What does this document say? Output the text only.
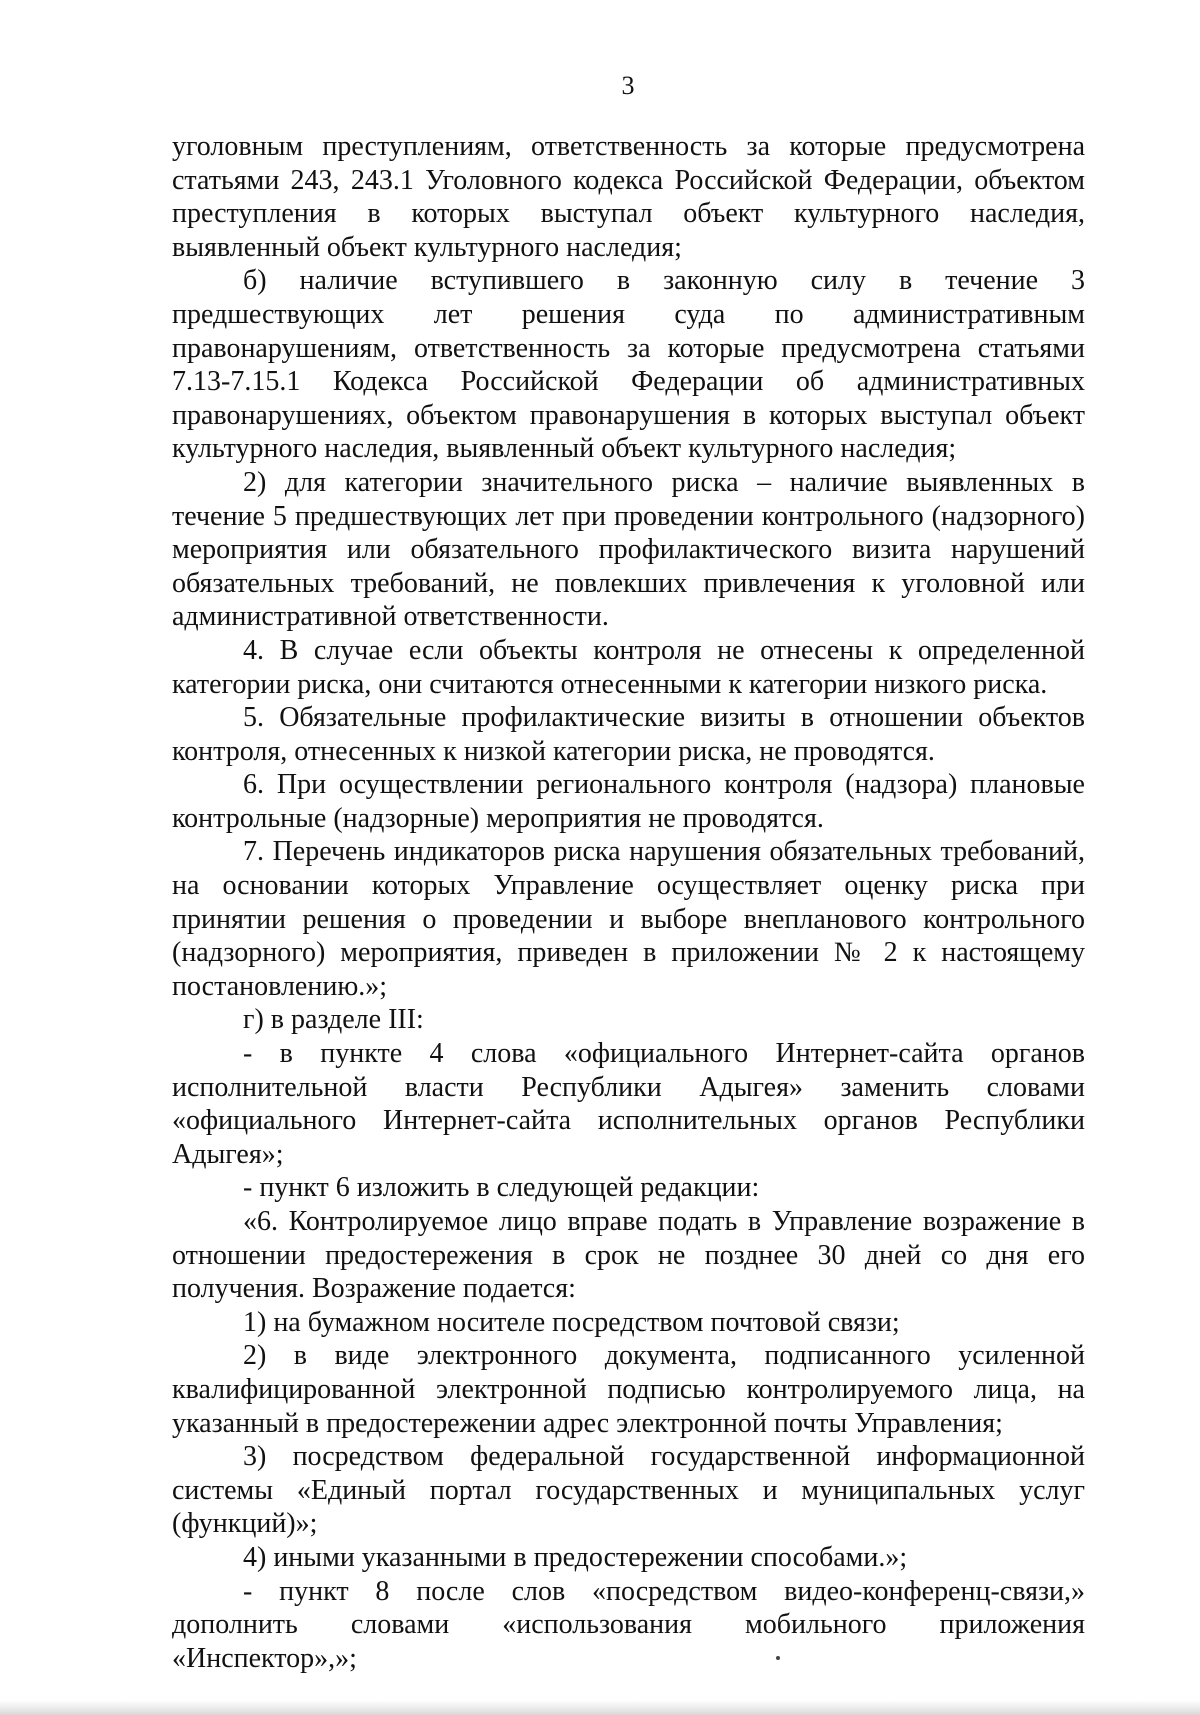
3

уголовным преступлениям, ответственность за которые предусмотрена статьями 243, 243.1 Уголовного кодекса Российской Федерации, объектом преступления в которых выступал объект культурного наследия, выявленный объект культурного наследия;

б) наличие вступившего в законную силу в течение 3 предшествующих лет решения суда по административным правонарушениям, ответственность за которые предусмотрена статьями 7.13-7.15.1 Кодекса Российской Федерации об административных правонарушениях, объектом правонарушения в которых выступал объект культурного наследия, выявленный объект культурного наследия;

2) для категории значительного риска – наличие выявленных в течение 5 предшествующих лет при проведении контрольного (надзорного) мероприятия или обязательного профилактического визита нарушений обязательных требований, не повлекших привлечения к уголовной или административной ответственности.

4. В случае если объекты контроля не отнесены к определенной категории риска, они считаются отнесенными к категории низкого риска.

5. Обязательные профилактические визиты в отношении объектов контроля, отнесенных к низкой категории риска, не проводятся.

6. При осуществлении регионального контроля (надзора) плановые контрольные (надзорные) мероприятия не проводятся.

7. Перечень индикаторов риска нарушения обязательных требований, на основании которых Управление осуществляет оценку риска при принятии решения о проведении и выборе внепланового контрольного (надзорного) мероприятия, приведен в приложении № 2 к настоящему постановлению.»;

г) в разделе III:

- в пункте 4 слова «официального Интернет-сайта органов исполнительной власти Республики Адыгея» заменить словами «официального Интернет-сайта исполнительных органов Республики Адыгея»;

- пункт 6 изложить в следующей редакции:

«6. Контролируемое лицо вправе подать в Управление возражение в отношении предостережения в срок не позднее 30 дней со дня его получения. Возражение подается:

1) на бумажном носителе посредством почтовой связи;

2) в виде электронного документа, подписанного усиленной квалифицированной электронной подписью контролируемого лица, на указанный в предостережении адрес электронной почты Управления;

3) посредством федеральной государственной информационной системы «Единый портал государственных и муниципальных услуг (функций)»;

4) иными указанными в предостережении способами.»;

- пункт 8 после слов «посредством видео-конференц-связи,» дополнить словами «использования мобильного приложения «Инспектор»,»;
